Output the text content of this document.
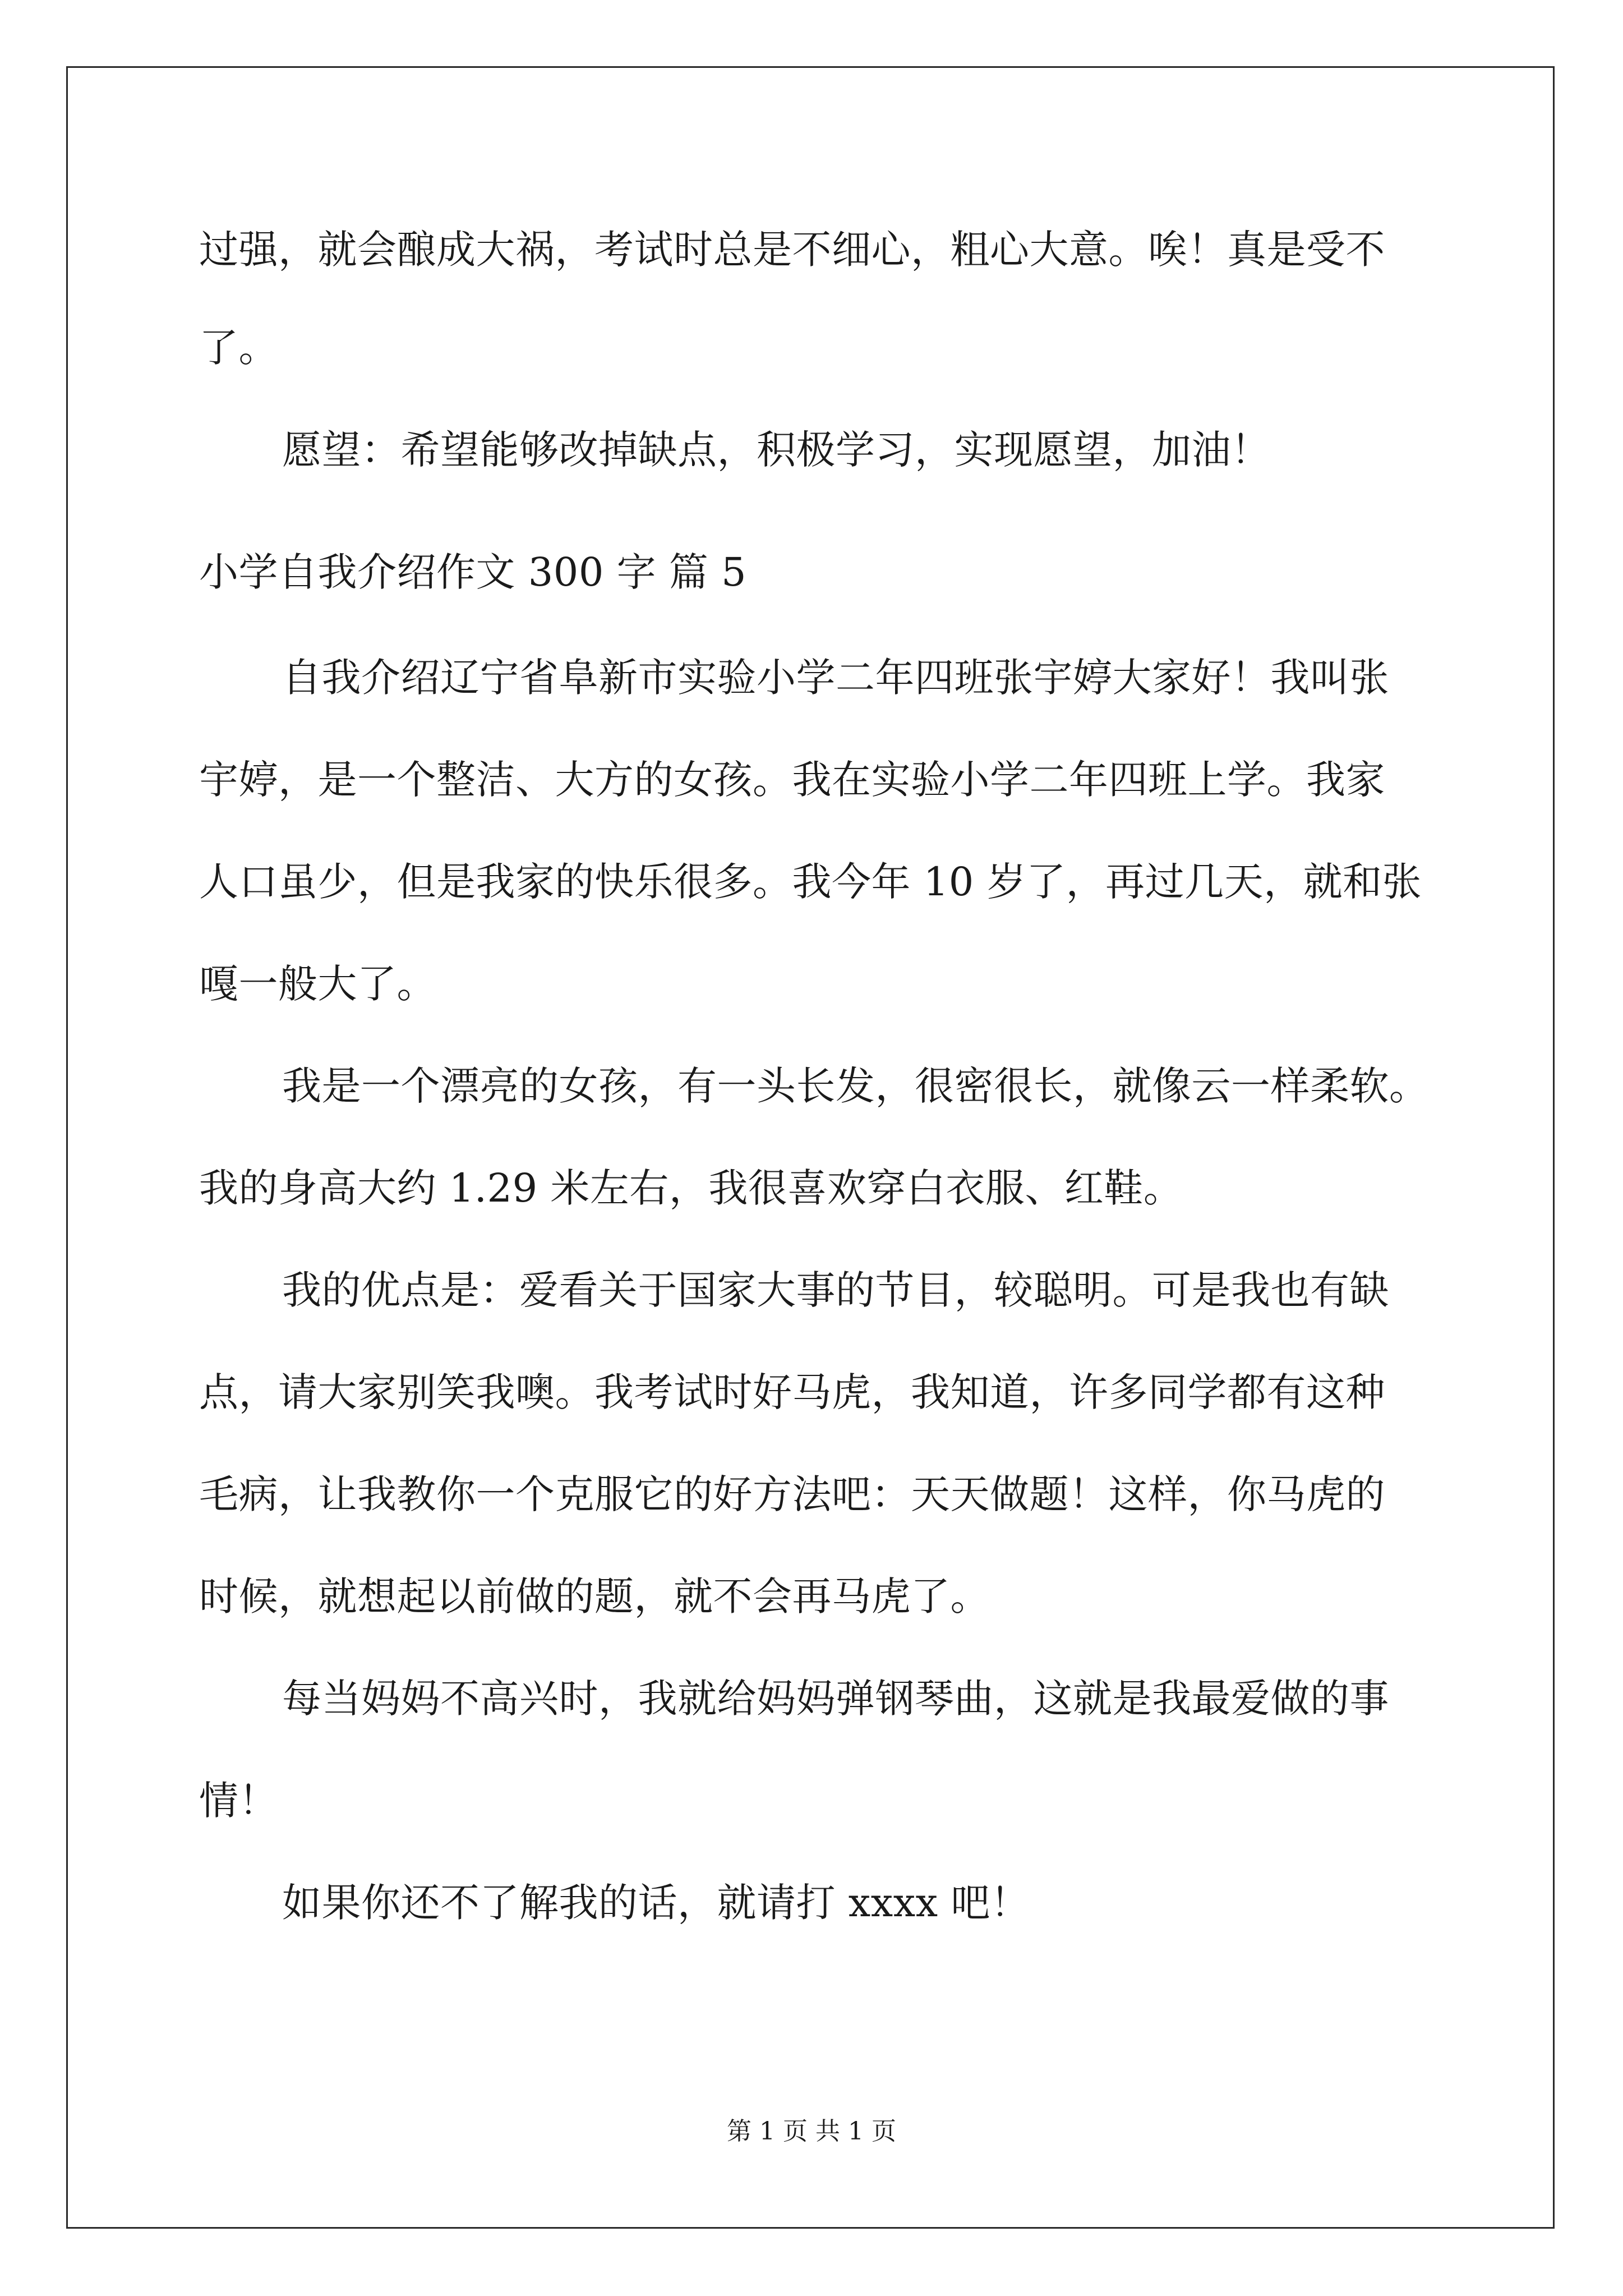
过强，就会酿成大祸，考试时总是不细心，粗心大意。唉！真是受不
了。
愿望：希望能够改掉缺点，积极学习，实现愿望，加油！
小学自我介绍作文 300 字 篇 5
自我介绍辽宁省阜新市实验小学二年四班张宇婷大家好！我叫张
宇婷，是一个整洁、大方的女孩。我在实验小学二年四班上学。我家
人口虽少，但是我家的快乐很多。我今年 10 岁了，再过几天，就和张
嘎一般大了。
我是一个漂亮的女孩，有一头长发，很密很长，就像云一样柔软。
我的身高大约 1.29 米左右，我很喜欢穿白衣服、红鞋。
我的优点是：爱看关于国家大事的节目，较聪明。可是我也有缺
点，请大家别笑我噢。我考试时好马虎，我知道，许多同学都有这种
毛病，让我教你一个克服它的好方法吧：天天做题！这样，你马虎的
时候，就想起以前做的题，就不会再马虎了。
每当妈妈不高兴时，我就给妈妈弹钢琴曲，这就是我最爱做的事
情！
如果你还不了解我的话，就请打 xxxx 吧！
第 1 页 共 1 页
